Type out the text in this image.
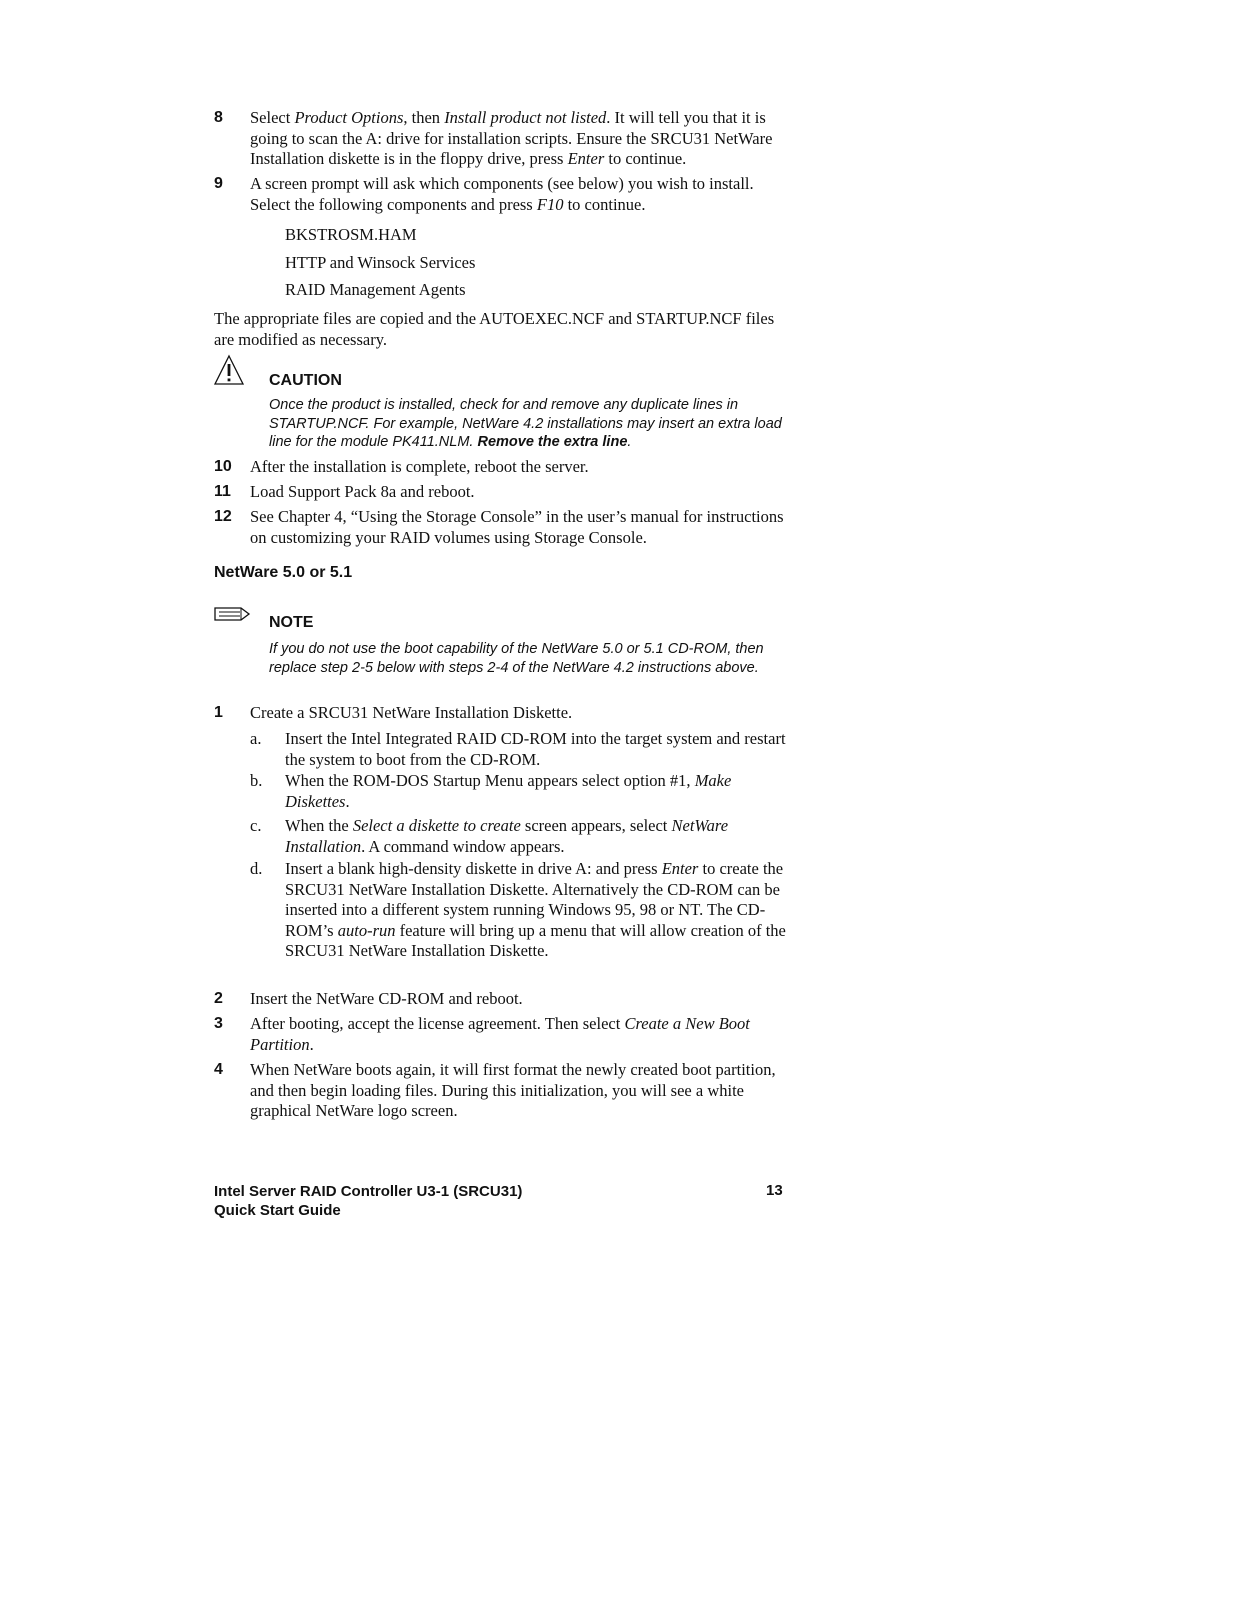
8 Select Product Options, then Install product not listed. It will tell you that it is going to scan the A: drive for installation scripts. Ensure the SRCU31 NetWare Installation diskette is in the floppy drive, press Enter to continue.
9 A screen prompt will ask which components (see below) you wish to install. Select the following components and press F10 to continue.
BKSTROSM.HAM
HTTP and Winsock Services
RAID Management Agents
The appropriate files are copied and the AUTOEXEC.NCF and STARTUP.NCF files are modified as necessary.
CAUTION
Once the product is installed, check for and remove any duplicate lines in STARTUP.NCF. For example, NetWare 4.2 installations may insert an extra load line for the module PK411.NLM. Remove the extra line.
10 After the installation is complete, reboot the server.
11 Load Support Pack 8a and reboot.
12 See Chapter 4, “Using the Storage Console” in the user’s manual for instructions on customizing your RAID volumes using Storage Console.
NetWare 5.0 or 5.1
NOTE
If you do not use the boot capability of the NetWare 5.0 or 5.1 CD-ROM, then replace step 2-5 below with steps 2-4 of the NetWare 4.2 instructions above.
1 Create a SRCU31 NetWare Installation Diskette.
a. Insert the Intel Integrated RAID CD-ROM into the target system and restart the system to boot from the CD-ROM.
b. When the ROM-DOS Startup Menu appears select option #1, Make Diskettes.
c. When the Select a diskette to create screen appears, select NetWare Installation. A command window appears.
d. Insert a blank high-density diskette in drive A: and press Enter to create the SRCU31 NetWare Installation Diskette. Alternatively the CD-ROM can be inserted into a different system running Windows 95, 98 or NT. The CD-ROM’s auto-run feature will bring up a menu that will allow creation of the SRCU31 NetWare Installation Diskette.
2 Insert the NetWare CD-ROM and reboot.
3 After booting, accept the license agreement. Then select Create a New Boot Partition.
4 When NetWare boots again, it will first format the newly created boot partition, and then begin loading files. During this initialization, you will see a white graphical NetWare logo screen.
Intel Server RAID Controller U3-1 (SRCU31)
Quick Start Guide
13
